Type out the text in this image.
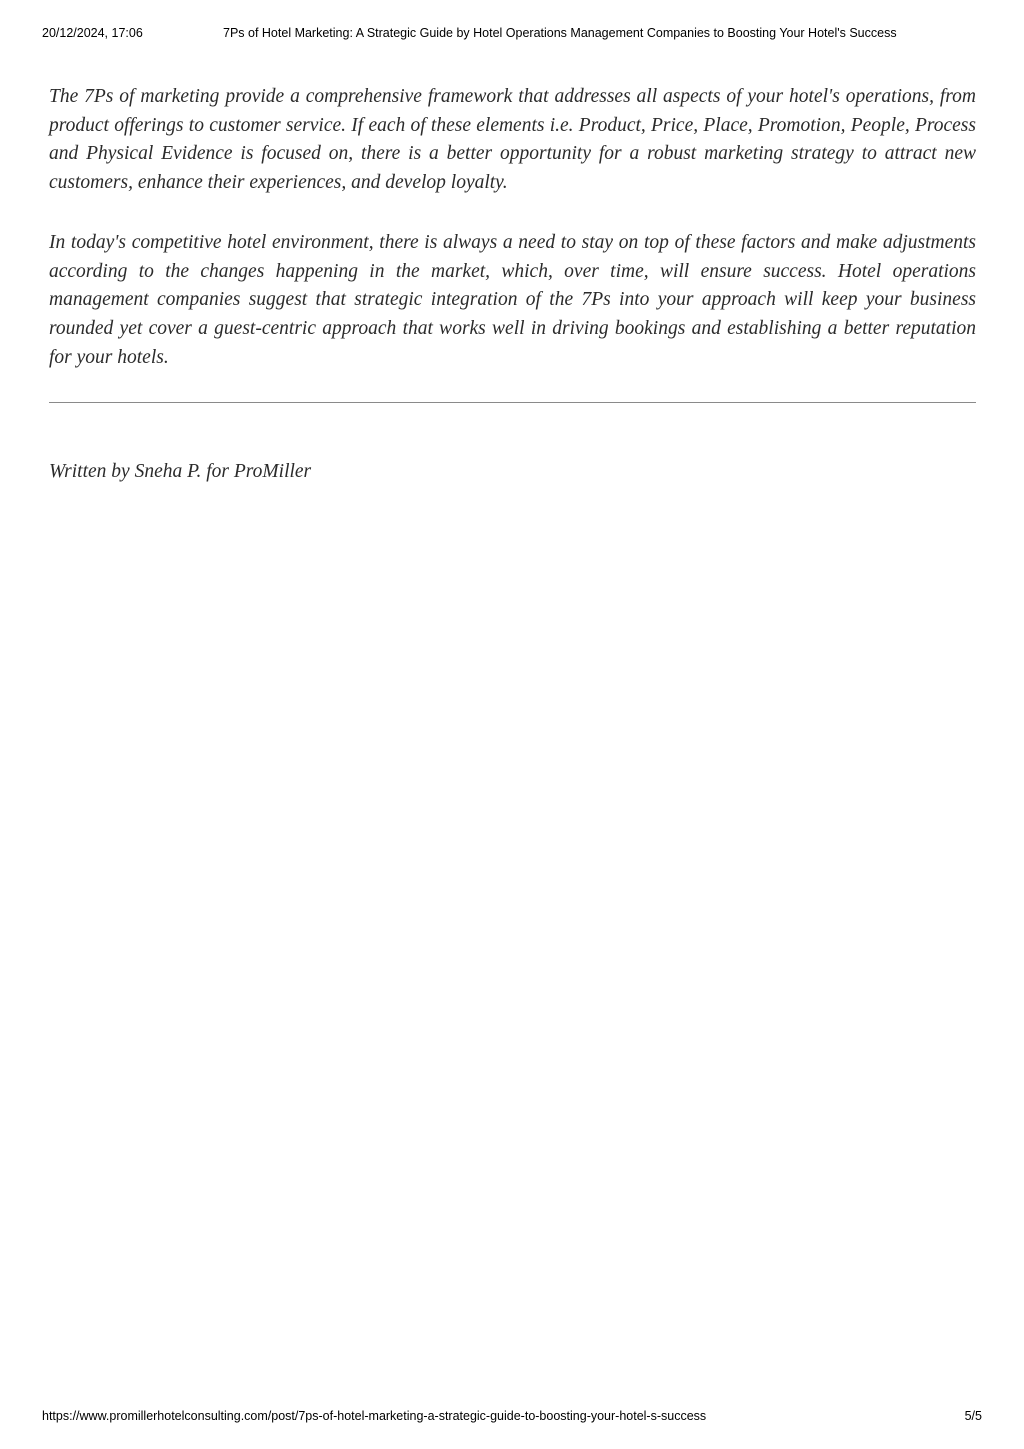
20/12/2024, 17:06	7Ps of Hotel Marketing: A Strategic Guide by Hotel Operations Management Companies to Boosting Your Hotel's Success

The 7Ps of marketing provide a comprehensive framework that addresses all aspects of your hotel's operations, from product offerings to customer service. If each of these elements i.e. Product, Price, Place, Promotion, People, Process and Physical Evidence is focused on, there is a better opportunity for a robust marketing strategy to attract new customers, enhance their experiences, and develop loyalty.

In today's competitive hotel environment, there is always a need to stay on top of these factors and make adjustments according to the changes happening in the market, which, over time, will ensure success. Hotel operations management companies suggest that strategic integration of the 7Ps into your approach will keep your business rounded yet cover a guest-centric approach that works well in driving bookings and establishing a better reputation for your hotels.

Written by Sneha P. for ProMiller
https://www.promillerhotelconsulting.com/post/7ps-of-hotel-marketing-a-strategic-guide-to-boosting-your-hotel-s-success	5/5
